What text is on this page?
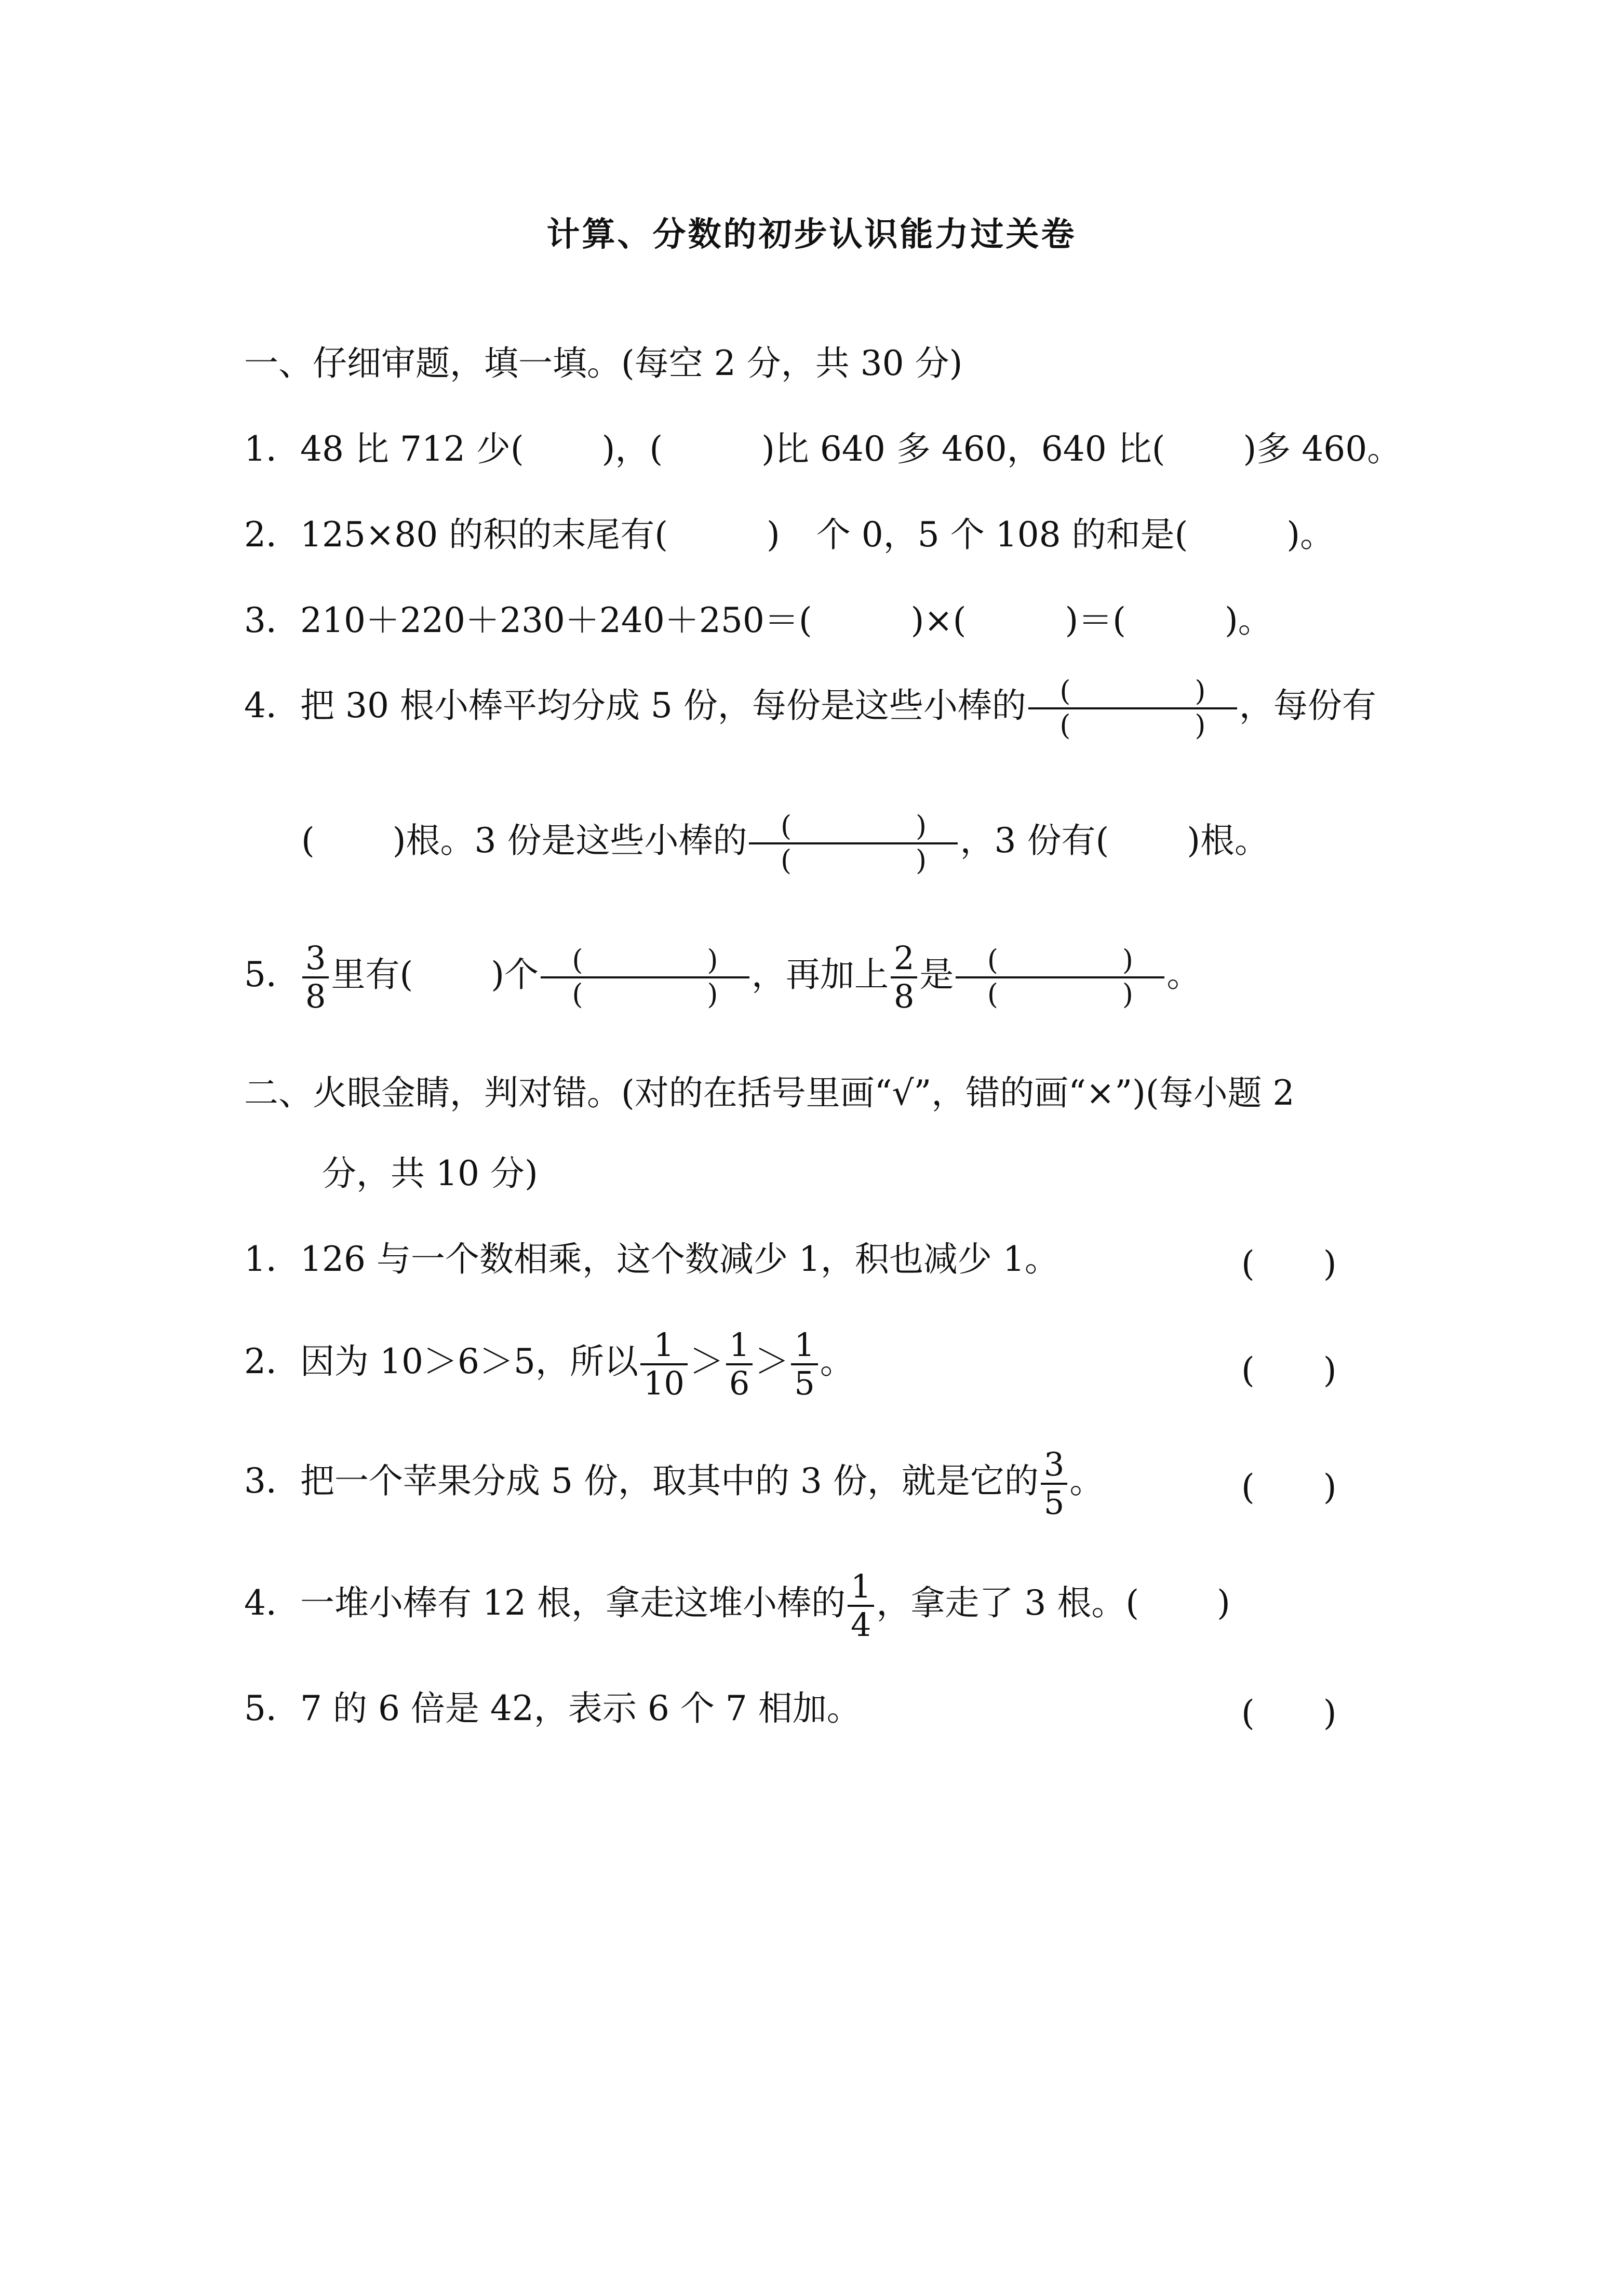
计算、分数的初步认识能力过关卷
一、仔细审题，填一填。(每空 2 分，共 30 分)
1．48 比 712 少( )，(	)比 640 多 460，640 比( )多 460。
2．125×80 的积的末尾有(	) 个 0，5 个 108 的和是(	)。
3．210＋220＋230＋240＋250＝(	)×(	)＝(	)。
4．把 30 根小棒平均分成 5 份，每份是这些小棒的 (	)
(	) ，每份有
( )根。3 份是这些小棒的 (	)
(	) ，3 份有( )根。
5． $\frac{3}{8}$ 里有( )个 (	)
(	) ，再加上 $\frac{2}{8}$ 是 (	)
(	) 。
二、火眼金睛，判对错。(对的在括号里画“√”，错的画“×”)(每小题 2
分，共 10 分)
1．126 与一个数相乘，这个数减少 1，积也减少 1。	(　　)
2．因为 10＞6＞5，所以 $\frac{1}{10} > \frac{1}{6} > \frac{1}{5}$ 。	(　　)
3．把一个苹果分成 5 份，取其中的 3 份，就是它的 $\frac{3}{5}$ 。	(　　)
4．一堆小棒有 12 根，拿走这堆小棒的 $\frac{1}{4}$ ，拿走了 3 根。( )
5．7 的 6 倍是 42，表示 6 个 7 相加。	(　　)
